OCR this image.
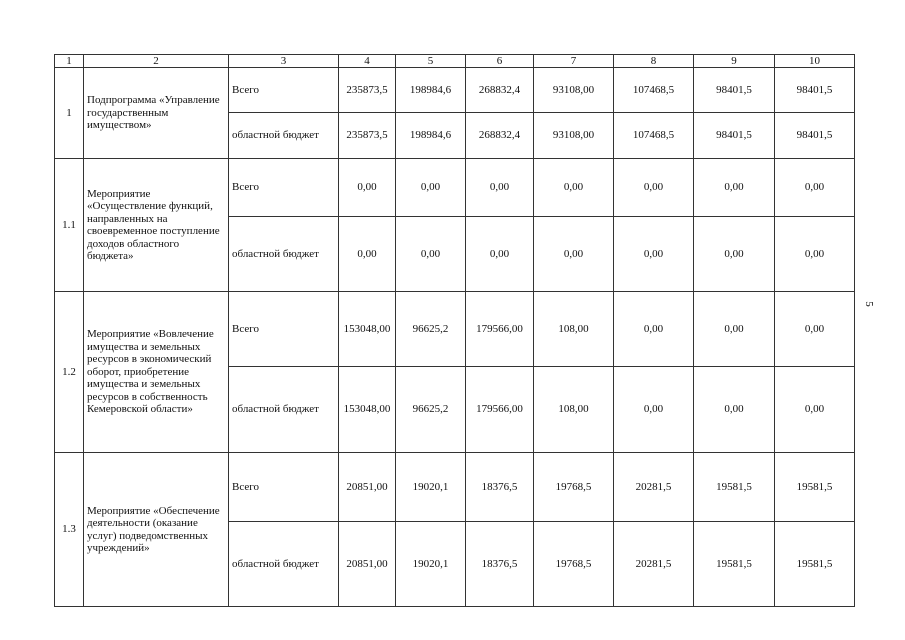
1	2	3	4	5	6	7	8	9	10
1	Подпрограмма «Управление государственным имуществом»	Всего	235873,5	198984,6	268832,4	93108,00	107468,5	98401,5	98401,5
		областной бюджет	235873,5	198984,6	268832,4	93108,00	107468,5	98401,5	98401,5
1.1	Мероприятие «Осуществление функций, направленных на своевременное поступление доходов областного бюджета»	Всего	0,00	0,00	0,00	0,00	0,00	0,00	0,00
		областной бюджет	0,00	0,00	0,00	0,00	0,00	0,00	0,00
1.2	Мероприятие «Вовлечение имущества и земельных ресурсов в экономический оборот, приобретение имущества и земельных ресурсов в собственность Кемеровской области»	Всего	153048,00	96625,2	179566,00	108,00	0,00	0,00	0,00
		областной бюджет	153048,00	96625,2	179566,00	108,00	0,00	0,00	0,00
1.3	Мероприятие «Обеспечение деятельности (оказание услуг) подведомственных учреждений»	Всего	20851,00	19020,1	18376,5	19768,5	20281,5	19581,5	19581,5
		областной бюджет	20851,00	19020,1	18376,5	19768,5	20281,5	19581,5	19581,5
5
